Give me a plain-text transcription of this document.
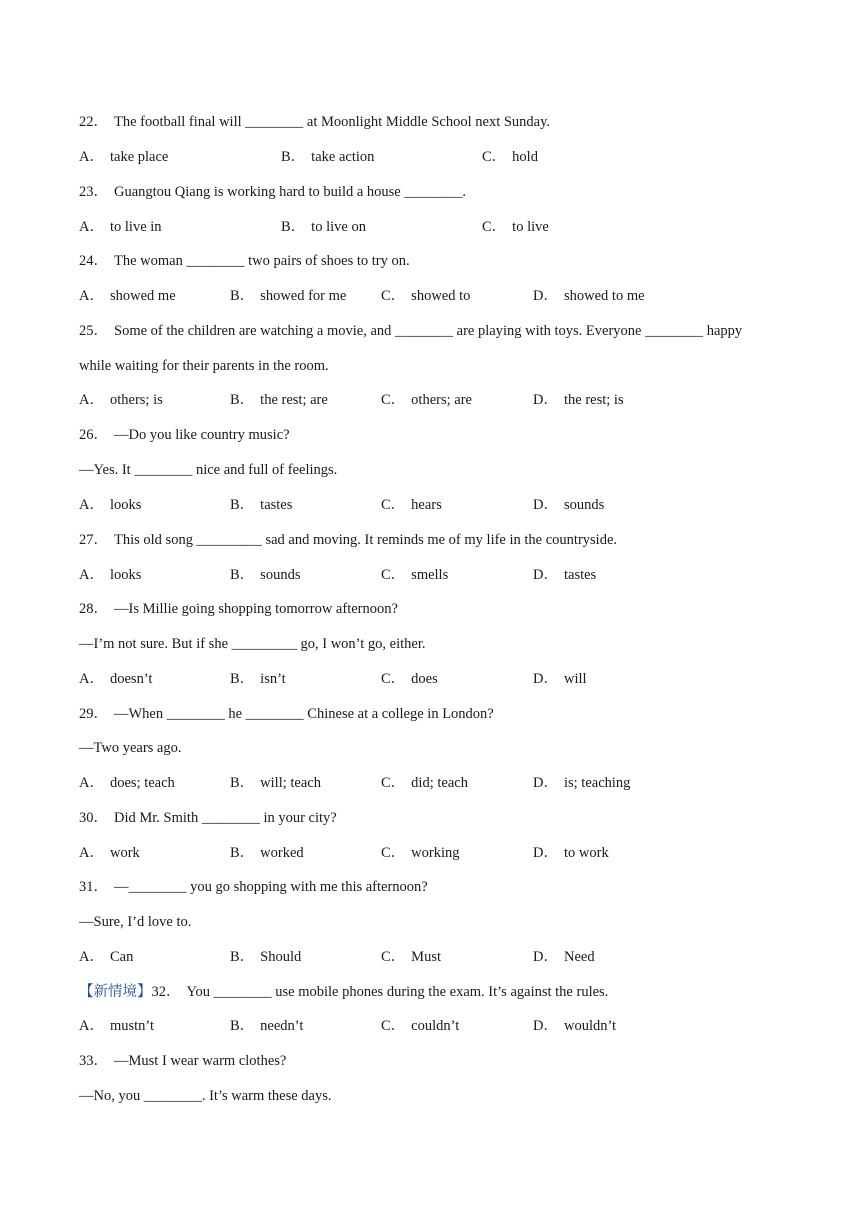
22． The football final will ________ at Moonlight Middle School next Sunday.
A． take place	B． take action	C． hold
23． Guangtou Qiang is working hard to build a house ________.
A． to live in	B． to live on	C． to live
24． The woman ________ two pairs of shoes to try on.
A． showed me	B． showed for me C． showed to	D． showed to me
25． Some of the children are watching a movie, and ________ are playing with toys. Everyone ________ happy
while waiting for their parents in the room.
A． others; is	B． the rest; are	C． others; are	D． the rest; is
26． —Do you like country music?
—Yes. It ________ nice and full of feelings.
A． looks	B． tastes	C． hears	D． sounds
27． This old song _________ sad and moving. It reminds me of my life in the countryside.
A． looks	B． sounds	C． smells	D． tastes
28． —Is Millie going shopping tomorrow afternoon?
—I’m not sure. But if she _________ go, I won’t go, either.
A． doesn’t	B． isn’t	C． does	D． will
29． —When ________ he ________ Chinese at a college in London?
—Two years ago.
A． does; teach	B． will; teach	C． did; teach	D． is; teaching
30． Did Mr. Smith ________ in your city?
A． work	B． worked	C． working	D． to work
31． —________ you go shopping with me this afternoon?
—Sure, I’d love to.
A． Can	B． Should	C． Must	D． Need
【新情境】32． You ________ use mobile phones during the exam. It’s against the rules.
A． mustn’t	B． needn’t	C． couldn’t	D． wouldn’t
33． —Must I wear warm clothes?
—No, you ________. It’s warm these days.
